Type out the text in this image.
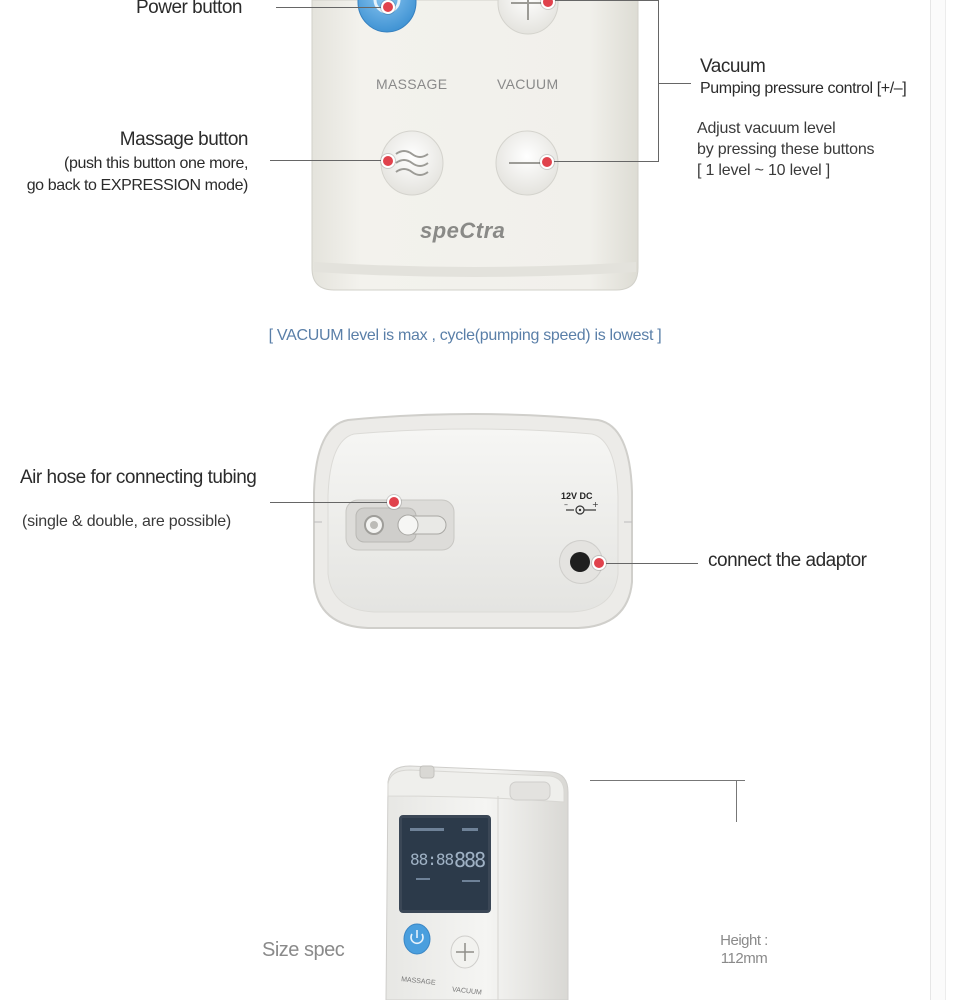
MASSAGE	VACUUM
speCtra
Power button
Massage button
(push this button one more,
go back to EXPRESSION mode)
Vacuum
Pumping pressure control [+/–]
Adjust vacuum level
by pressing these buttons
[ 1 level ~ 10 level ]
[ VACUUM level is max , cycle(pumping speed) is lowest ]
–	+
12V DC
Air hose for connecting tubing
(single & double, are possible)
connect the adaptor
88:88 888
MASSAGE
VACUUM
Size spec	Height :
112mm
